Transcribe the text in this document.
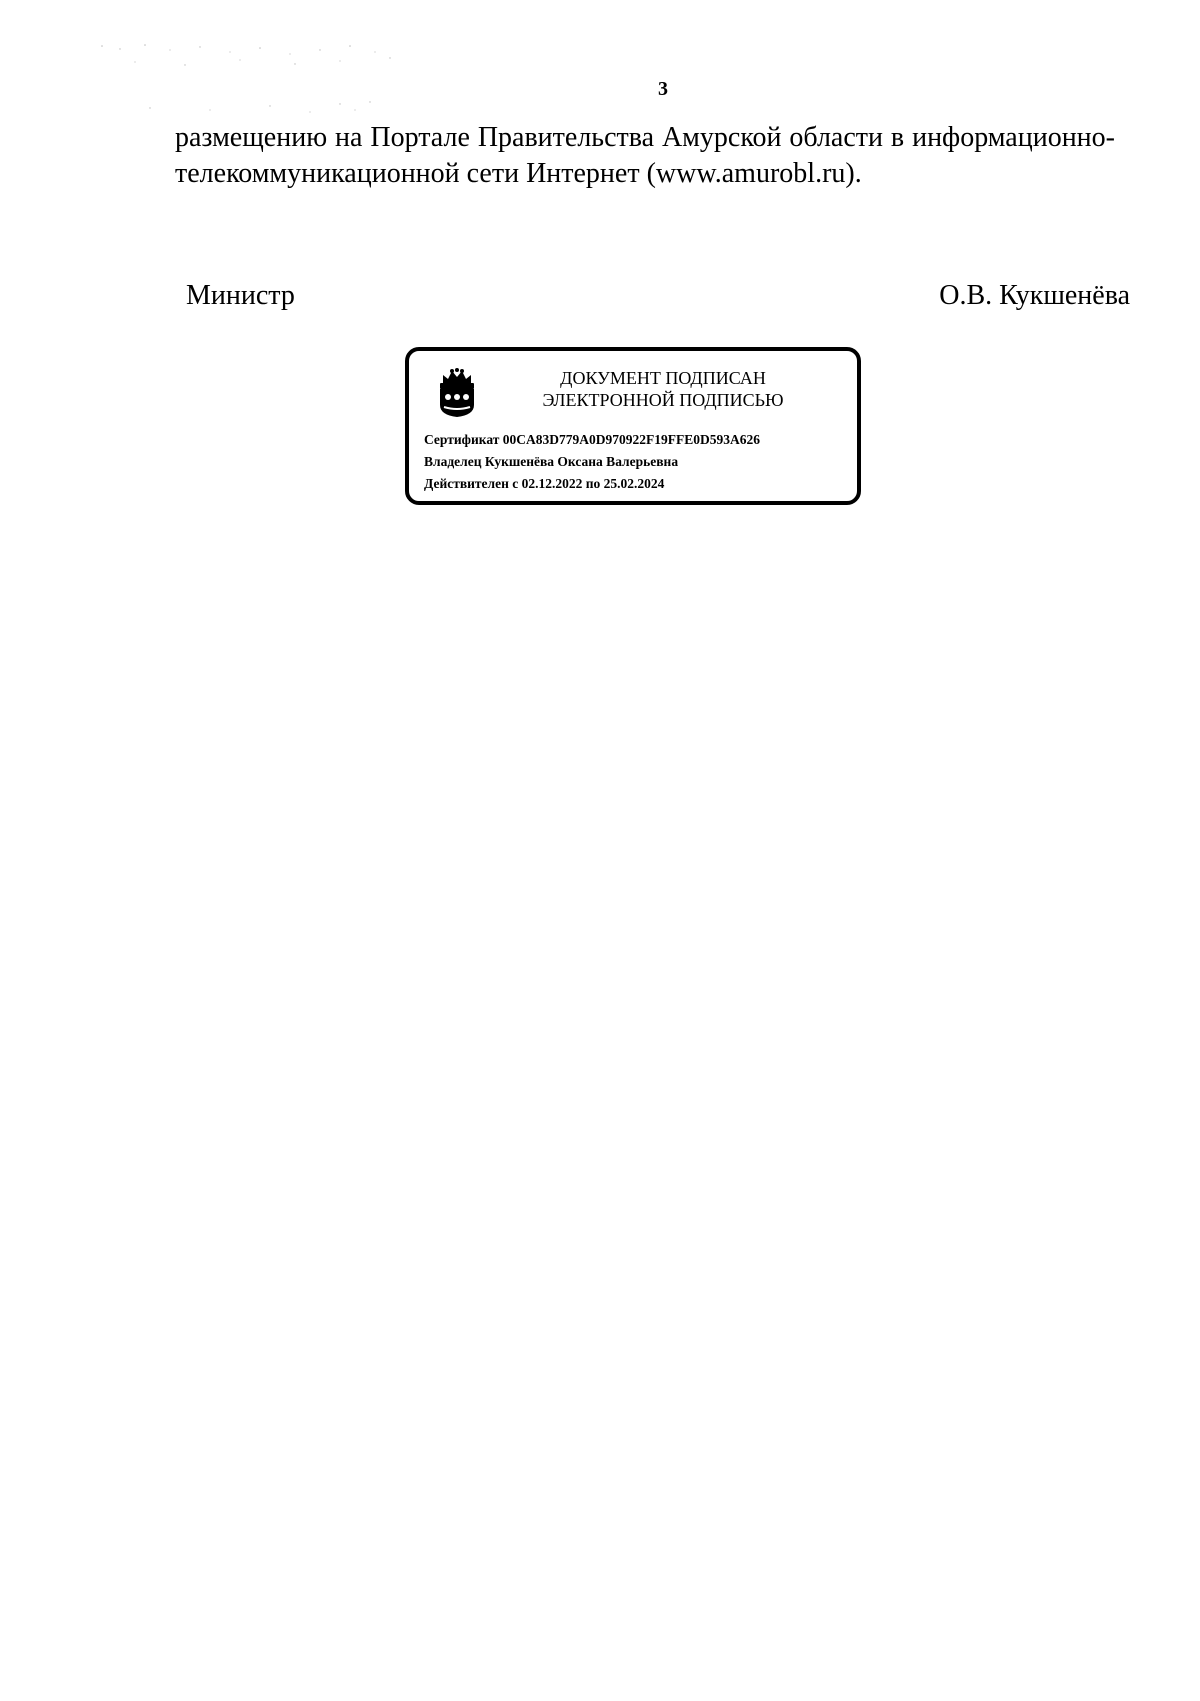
3
размещению на Портале Правительства Амурской области в информационно-
телекоммуникационной сети Интернет (www.amurobl.ru).
Министр	О.В. Кукшенёва
ДОКУМЕНТ ПОДПИСАН
ЭЛЕКТРОННОЙ ПОДПИСЬЮ
Сертификат 00CA83D779A0D970922F19FFE0D593A626
Владелец Кукшенёва Оксана Валерьевна
Действителен с 02.12.2022 по 25.02.2024
